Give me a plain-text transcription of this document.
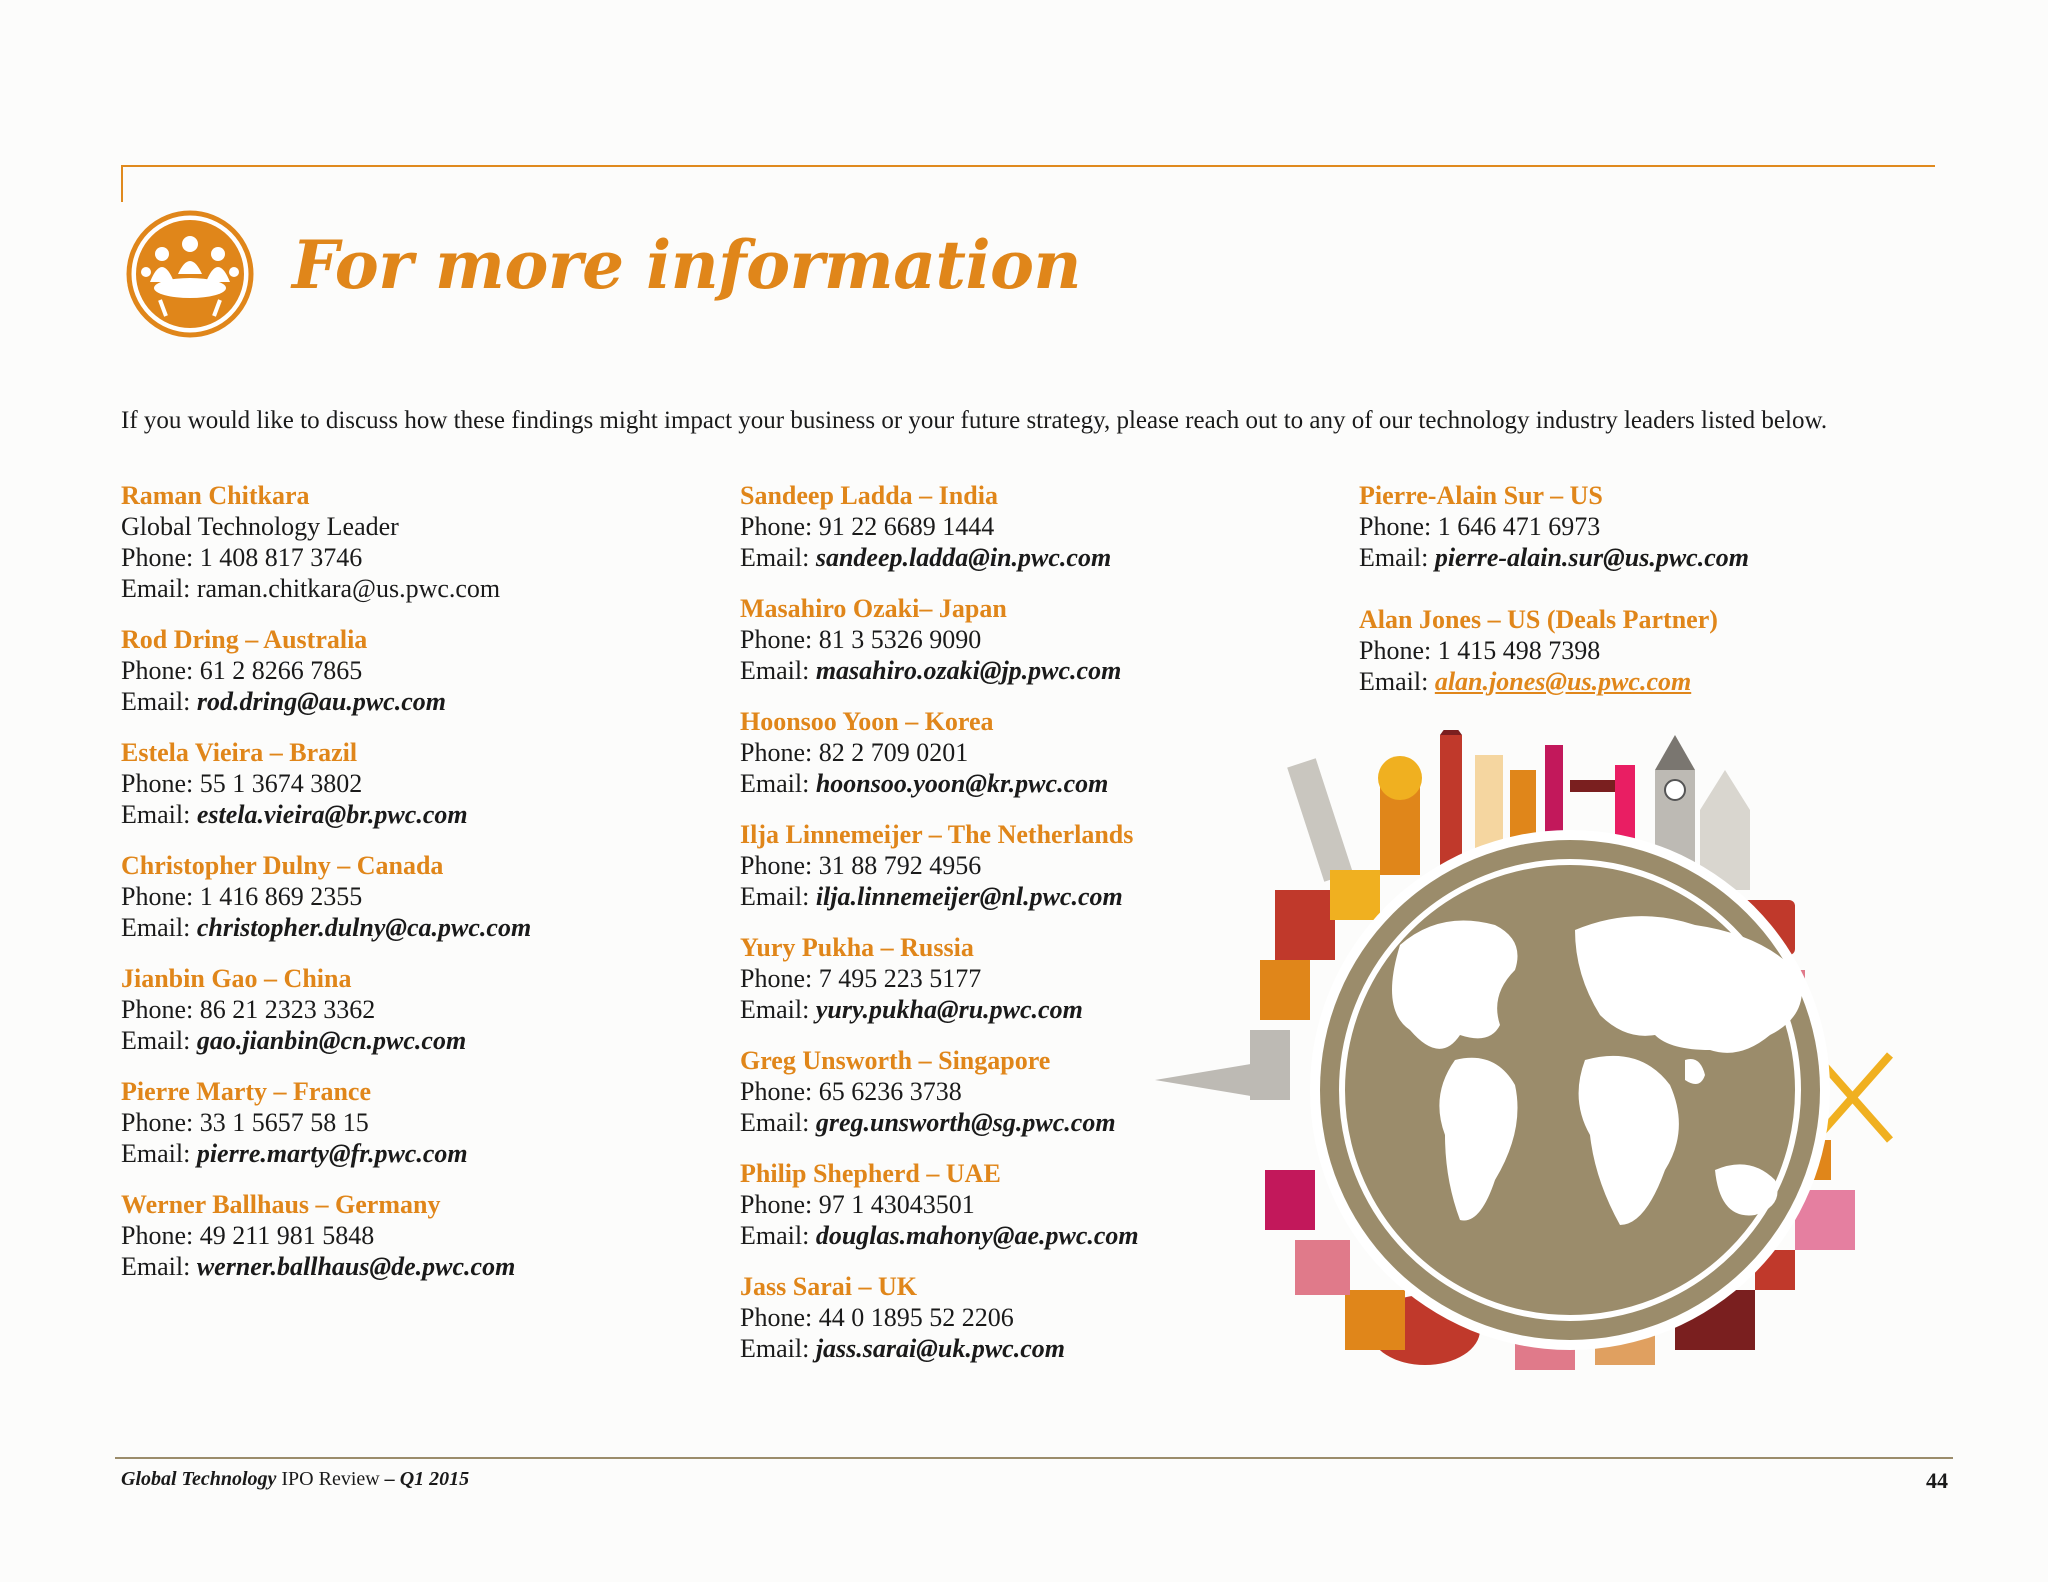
For more information

If you would like to discuss how these findings might impact your business or your future strategy, please reach out to any of our technology industry leaders listed below.

Raman Chitkara
Global Technology Leader
Phone: 1 408 817 3746
Email: raman.chitkara@us.pwc.com
Rod Dring – Australia
Phone: 61 2 8266 7865
Email: rod.dring@au.pwc.com
Estela Vieira – Brazil
Phone: 55 1 3674 3802
Email: estela.vieira@br.pwc.com
Christopher Dulny – Canada
Phone: 1 416 869 2355
Email: christopher.dulny@ca.pwc.com
Jianbin Gao – China
Phone: 86 21 2323 3362
Email: gao.jianbin@cn.pwc.com
Pierre Marty – France
Phone: 33 1 5657 58 15
Email: pierre.marty@fr.pwc.com
Werner Ballhaus – Germany
Phone: 49 211 981 5848
Email: werner.ballhaus@de.pwc.com
Sandeep Ladda – India
Phone: 91 22 6689 1444
Email: sandeep.ladda@in.pwc.com
Masahiro Ozaki– Japan
Phone: 81 3 5326 9090
Email: masahiro.ozaki@jp.pwc.com
Hoonsoo Yoon – Korea
Phone: 82 2 709 0201
Email: hoonsoo.yoon@kr.pwc.com
Ilja Linnemeijer – The Netherlands
Phone: 31 88 792 4956
Email: ilja.linnemeijer@nl.pwc.com
Yury Pukha – Russia
Phone: 7 495 223 5177
Email: yury.pukha@ru.pwc.com
Greg Unsworth – Singapore
Phone: 65 6236 3738
Email: greg.unsworth@sg.pwc.com
Philip Shepherd – UAE
Phone: 97 1 43043501
Email: douglas.mahony@ae.pwc.com
Jass Sarai – UK
Phone: 44 0 1895 52 2206
Email: jass.sarai@uk.pwc.com
Pierre-Alain Sur – US
Phone: 1 646 471 6973
Email: pierre-alain.sur@us.pwc.com
Alan Jones – US (Deals Partner)
Phone: 1 415 498 7398
Email: alan.jones@us.pwc.com

Global Technology IPO Review – Q1 2015	44
